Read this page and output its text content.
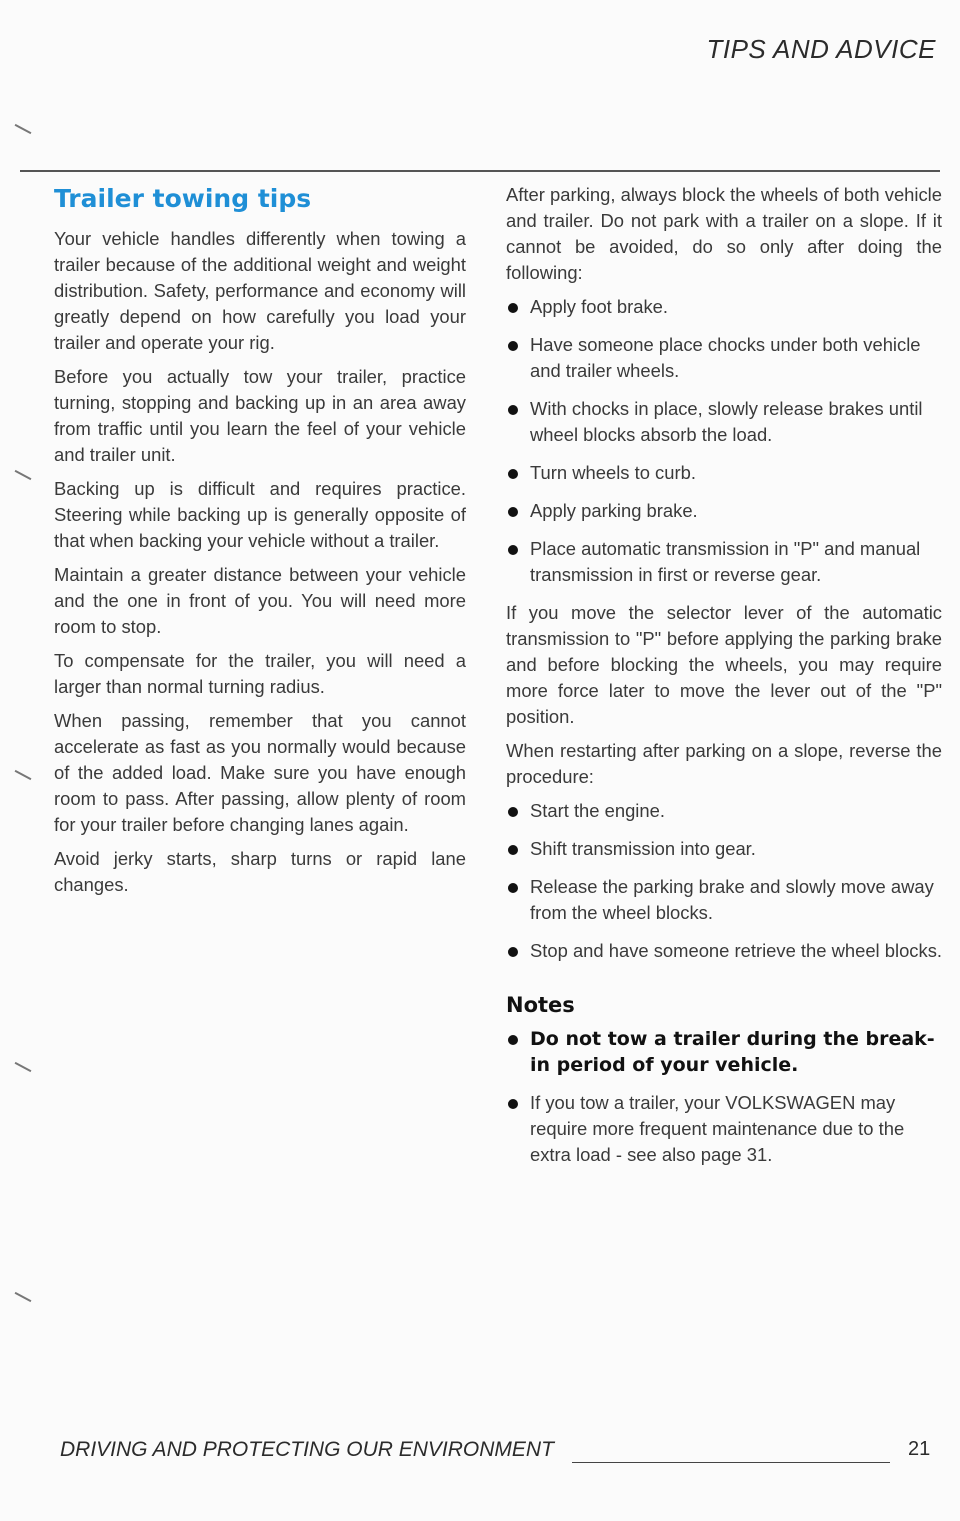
TIPS AND ADVICE
Trailer towing tips

Your vehicle handles differently when towing a trailer because of the additional weight and weight distribution. Safety, performance and economy will greatly depend on how carefully you load your trailer and operate your rig.

Before you actually tow your trailer, practice turning, stopping and backing up in an area away from traffic until you learn the feel of your vehicle and trailer unit.

Backing up is difficult and requires practice. Steering while backing up is generally opposite of that when backing your vehicle without a trailer.

Maintain a greater distance between your vehicle and the one in front of you. You will need more room to stop.

To compensate for the trailer, you will need a larger than normal turning radius.

When passing, remember that you cannot accelerate as fast as you normally would because of the added load. Make sure you have enough room to pass. After passing, allow plenty of room for your trailer before changing lanes again.

Avoid jerky starts, sharp turns or rapid lane changes.

After parking, always block the wheels of both vehicle and trailer. Do not park with a trailer on a slope. If it cannot be avoided, do so only after doing the following:

Apply foot brake.
Have someone place chocks under both vehicle and trailer wheels.
With chocks in place, slowly release brakes until wheel blocks absorb the load.
Turn wheels to curb.
Apply parking brake.
Place automatic transmission in "P" and manual transmission in first or reverse gear.

If you move the selector lever of the automatic transmission to "P" before applying the parking brake and before blocking the wheels, you may require more force later to move the lever out of the "P" position.

When restarting after parking on a slope, reverse the procedure:

Start the engine.
Shift transmission into gear.
Release the parking brake and slowly move away from the wheel blocks.
Stop and have someone retrieve the wheel blocks.
Notes
Do not tow a trailer during the break-in period of your vehicle.
If you tow a trailer, your VOLKSWAGEN may require more frequent maintenance due to the extra load - see also page 31.
DRIVING AND PROTECTING OUR ENVIRONMENT	21
